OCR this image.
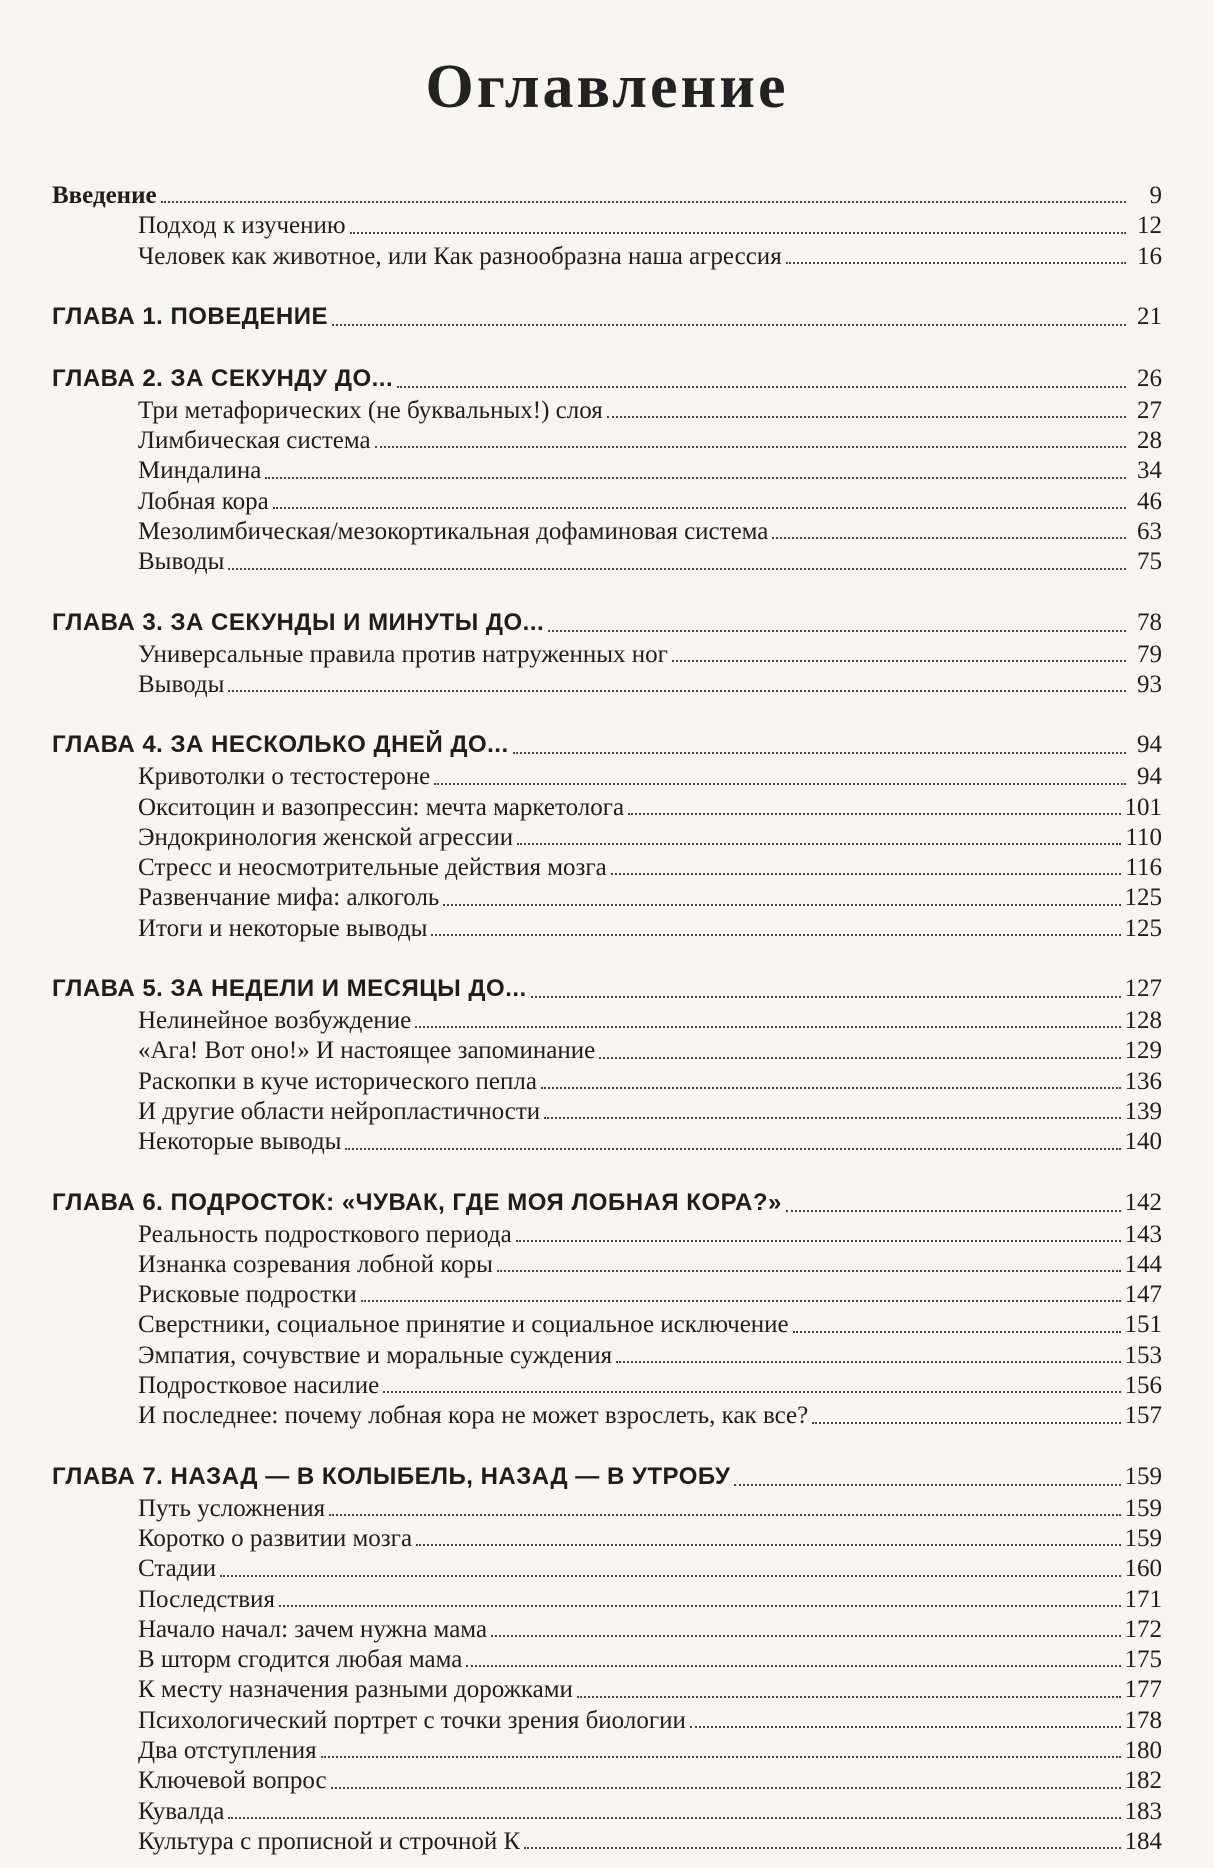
Оглавление
Введение	9
Подход к изучению	12
Человек как животное, или Как разнообразна наша агрессия	16
ГЛАВА 1. ПОВЕДЕНИЕ	21
ГЛАВА 2. ЗА СЕКУНДУ ДО...	26
Три метафорических (не буквальных!) слоя	27
Лимбическая система	28
Миндалина	34
Лобная кора	46
Мезолимбическая/мезокортикальная дофаминовая система	63
Выводы	75
ГЛАВА 3. ЗА СЕКУНДЫ И МИНУТЫ ДО...	78
Универсальные правила против натруженных ног	79
Выводы	93
ГЛАВА 4. ЗА НЕСКОЛЬКО ДНЕЙ ДО...	94
Кривотолки о тестостероне	94
Окситоцин и вазопрессин: мечта маркетолога	101
Эндокринология женской агрессии	110
Стресс и неосмотрительные действия мозга	116
Развенчание мифа: алкоголь	125
Итоги и некоторые выводы	125
ГЛАВА 5. ЗА НЕДЕЛИ И МЕСЯЦЫ ДО...	127
Нелинейное возбуждение	128
«Ага! Вот оно!» И настоящее запоминание	129
Раскопки в куче исторического пепла	136
И другие области нейропластичности	139
Некоторые выводы	140
ГЛАВА 6. ПОДРОСТОК: «ЧУВАК, ГДЕ МОЯ ЛОБНАЯ КОРА?»	142
Реальность подросткового периода	143
Изнанка созревания лобной коры	144
Рисковые подростки	147
Сверстники, социальное принятие и социальное исключение	151
Эмпатия, сочувствие и моральные суждения	153
Подростковое насилие	156
И последнее: почему лобная кора не может взрослеть, как все?	157
ГЛАВА 7. НАЗАД — В КОЛЫБЕЛЬ, НАЗАД — В УТРОБУ	159
Путь усложнения	159
Коротко о развитии мозга	159
Стадии	160
Последствия	171
Начало начал: зачем нужна мама	172
В шторм сгодится любая мама	175
К месту назначения разными дорожками	177
Психологический портрет с точки зрения биологии	178
Два отступления	180
Ключевой вопрос	182
Кувалда	183
Культура с прописной и строчной К	184
